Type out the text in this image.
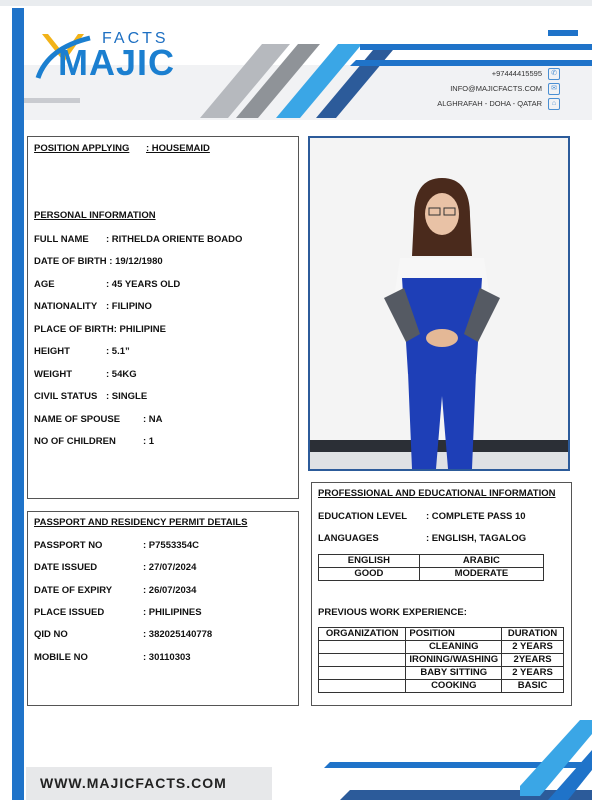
FACTS
MAJIC	+97444415595	✆
INFO@MAJICFACTS.COM	✉
ALGHRAFAH - DOHA - QATAR	⌂
POSITION APPLYING : HOUSEMAID
PERSONAL INFORMATION
FULL NAME : RITHELDA ORIENTE BOADO
DATE OF BIRTH : 19/12/1980
AGE	: 45 YEARS OLD
NATIONALITY : FILIPINO
PLACE OF BIRTH: PHILIPINE
HEIGHT	: 5.1”
WEIGHT	: 54KG
CIVIL STATUS : SINGLE
NAME OF SPOUSE : NA
NO OF CHILDREN	: 1
PROFESSIONAL AND EDUCATIONAL INFORMATION
EDUCATION LEVEL : COMPLETE PASS 10
LANGUAGES	: ENGLISH, TAGALOG
ENGLISH	ARABIC
GOOD	MODERATE
PREVIOUS WORK EXPERIENCE:
ORGANIZATION	POSITION	DURATION
	CLEANING	2 YEARS
	IRONING/WASHING	2YEARS
	BABY SITTING	2 YEARS
	COOKING	BASIC
PASSPORT AND RESIDENCY PERMIT DETAILS
PASSPORT NO	: P7553354C
DATE ISSUED	: 27/07/2024
DATE OF EXPIRY	: 26/07/2034
PLACE ISSUED	: PHILIPINES
QID NO	: 382025140778
MOBILE NO	: 30110303
WWW.MAJICFACTS.COM
